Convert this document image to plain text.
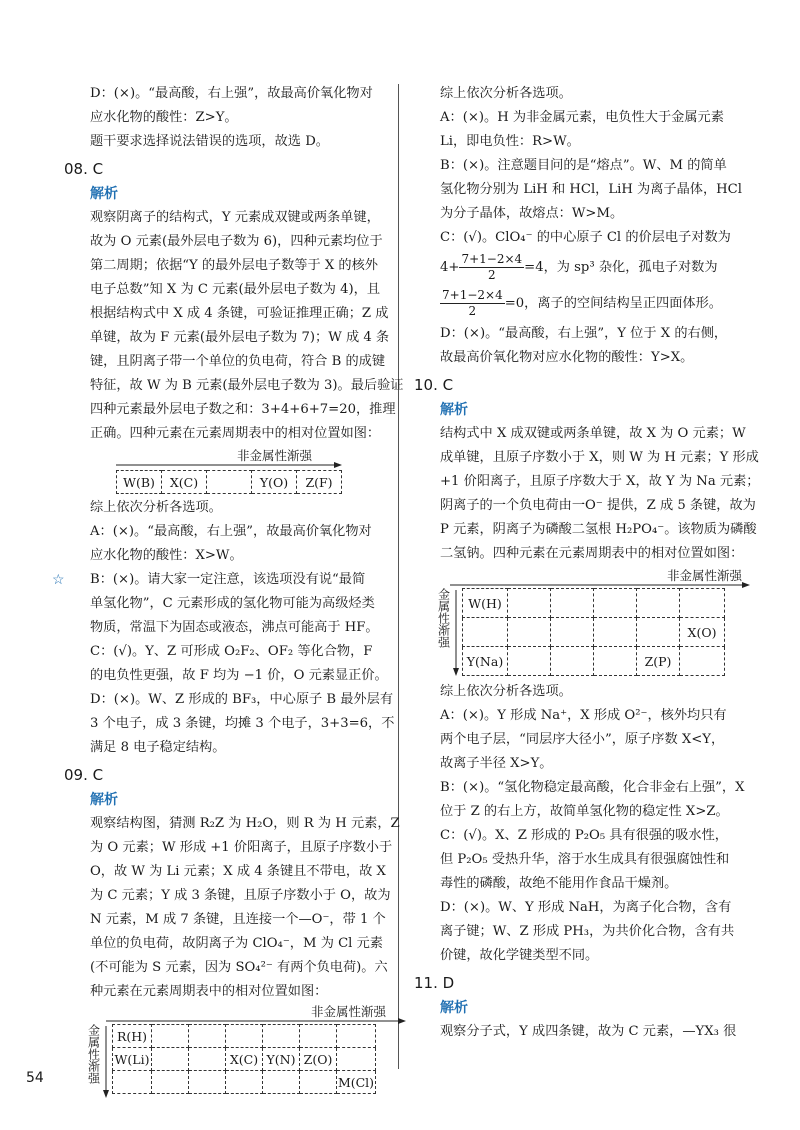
D：(×)。“最高酸，右上强”，故最高价氧化物对

应水化物的酸性：Z>Y。

题干要求选择说法错误的选项，故选 D。

08. C

解析

观察阴离子的结构式，Y 元素成双键或两条单键，

故为 O 元素(最外层电子数为 6)，四种元素均位于

第二周期；依据“Y 的最外层电子数等于 X 的核外

电子总数”知 X 为 C 元素(最外层电子数为 4)，且

根据结构式中 X 成 4 条键，可验证推理正确；Z 成

单键，故为 F 元素(最外层电子数为 7)；W 成 4 条

键，且阴离子带一个单位的负电荷，符合 B 的成键

特征，故 W 为 B 元素(最外层电子数为 3)。最后验证

四种元素最外层电子数之和：3+4+6+7=20，推理

正确。四种元素在元素周期表中的相对位置如图：

非金属性渐强
W(B)	X(C)		Y(O)	Z(F)

综上依次分析各选项。

A：(×)。“最高酸，右上强”，故最高价氧化物对

应水化物的酸性：X>W。

☆ B：(×)。请大家一定注意，该选项没有说“最简

单氢化物”，C 元素形成的氢化物可能为高级烃类

物质，常温下为固态或液态，沸点可能高于 HF。

C：(√)。Y、Z 可形成 O₂F₂、OF₂ 等化合物，F

的电负性更强，故 F 均为 −1 价，O 元素显正价。

D：(×)。W、Z 形成的 BF₃，中心原子 B 最外层有

3 个电子，成 3 条键，均摊 3 个电子，3+3=6，不

满足 8 电子稳定结构。

09. C

解析

观察结构图，猜测 R₂Z 为 H₂O，则 R 为 H 元素，Z

为 O 元素；W 形成 +1 价阳离子，且原子序数小于

O，故 W 为 Li 元素；X 成 4 条键且不带电，故 X

为 C 元素；Y 成 3 条键，且原子序数小于 O，故为

N 元素，M 成 7 条键，且连接一个—O⁻，带 1 个

单位的负电荷，故阴离子为 ClO₄⁻，M 为 Cl 元素

(不可能为 S 元素，因为 SO₄²⁻ 有两个负电荷)。六

种元素在元素周期表中的相对位置如图：

非金属性渐强
金属性渐强 R(H)						
W(Li)			X(C)	Y(N)	Z(O)	
						M(Cl)

综上依次分析各选项。

A：(×)。H 为非金属元素，电负性大于金属元素

Li，即电负性：R>W。

B：(×)。注意题目问的是“熔点”。W、M 的简单

氢化物分别为 LiH 和 HCl，LiH 为离子晶体，HCl

为分子晶体，故熔点：W>M。

C：(√)。ClO₄⁻ 的中心原子 Cl 的价层电子对数为

$4+ \frac{7+1-2\times 4}{2} =4$，为 sp³ 杂化，孤电子对数为

$\frac{7+1-2\times 4}{2} =0$，离子的空间结构呈正四面体形。

D：(×)。“最高酸，右上强”，Y 位于 X 的右侧，

故最高价氧化物对应水化物的酸性：Y>X。

10. C

解析

结构式中 X 成双键或两条单键，故 X 为 O 元素；W

成单键，且原子序数小于 X，则 W 为 H 元素；Y 形成

+1 价阳离子，且原子序数大于 X，故 Y 为 Na 元素；

阴离子的一个负电荷由一O⁻ 提供，Z 成 5 条键，故为

P 元素，阴离子为磷酸二氢根 H₂PO₄⁻。该物质为磷酸

二氢钠。四种元素在元素周期表中的相对位置如图：

非金属性渐强
金属性渐强 W(H)					
					X(O)
Y(Na)				Z(P)	

综上依次分析各选项。

A：(×)。Y 形成 Na⁺，X 形成 O²⁻，核外均只有

两个电子层，“同层序大径小”，原子序数 X<Y，

故离子半径 X>Y。

B：(×)。“氢化物稳定最高酸，化合非金右上强”，X

位于 Z 的右上方，故简单氢化物的稳定性 X>Z。

C：(√)。X、Z 形成的 P₂O₅ 具有很强的吸水性，

但 P₂O₅ 受热升华，溶于水生成具有很强腐蚀性和

毒性的磷酸，故绝不能用作食品干燥剂。

D：(×)。W、Y 形成 NaH，为离子化合物，含有

离子键；W、Z 形成 PH₃，为共价化合物，含有共

价键，故化学键类型不同。

11. D

解析

观察分子式，Y 成四条键，故为 C 元素，—YX₃ 很

54
